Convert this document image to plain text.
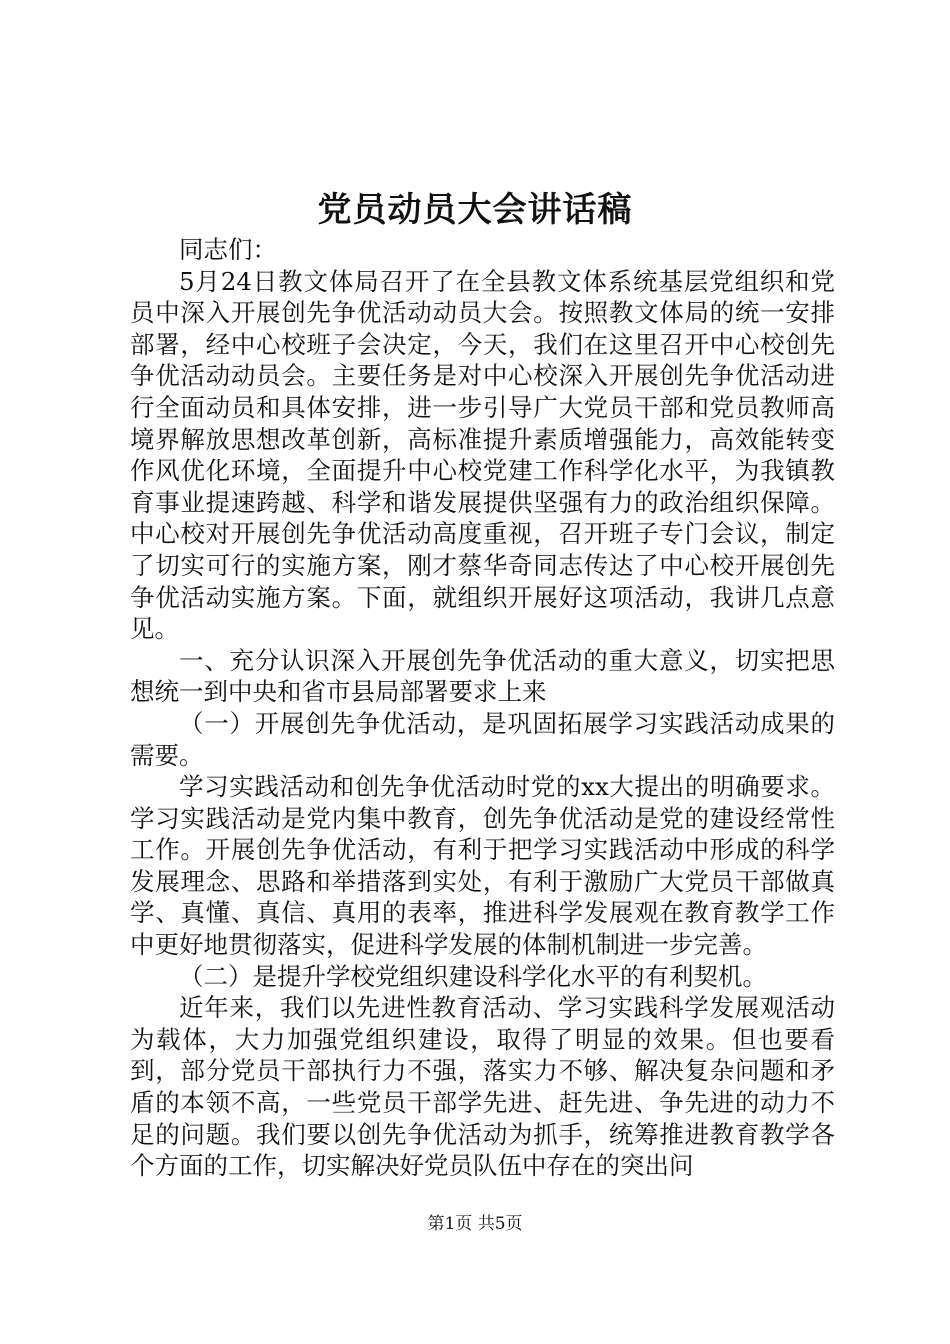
党员动员大会讲话稿

同志们：

5月24日教文体局召开了在全县教文体系统基层党组织和党员中深入开展创先争优活动动员大会。按照教文体局的统一安排部署，经中心校班子会决定，今天，我们在这里召开中心校创先争优活动动员会。主要任务是对中心校深入开展创先争优活动进行全面动员和具体安排，进一步引导广大党员干部和党员教师高境界解放思想改革创新，高标准提升素质增强能力，高效能转变作风优化环境，全面提升中心校党建工作科学化水平，为我镇教育事业提速跨越、科学和谐发展提供坚强有力的政治组织保障。中心校对开展创先争优活动高度重视，召开班子专门会议，制定了切实可行的实施方案，刚才蔡华奇同志传达了中心校开展创先争优活动实施方案。下面，就组织开展好这项活动，我讲几点意见。

一、充分认识深入开展创先争优活动的重大意义，切实把思想统一到中央和省市县局部署要求上来

（一）开展创先争优活动，是巩固拓展学习实践活动成果的需要。

学习实践活动和创先争优活动时党的xx大提出的明确要求。学习实践活动是党内集中教育，创先争优活动是党的建设经常性工作。开展创先争优活动，有利于把学习实践活动中形成的科学发展理念、思路和举措落到实处，有利于激励广大党员干部做真学、真懂、真信、真用的表率，推进科学发展观在教育教学工作中更好地贯彻落实，促进科学发展的体制机制进一步完善。

（二）是提升学校党组织建设科学化水平的有利契机。

近年来，我们以先进性教育活动、学习实践科学发展观活动为载体，大力加强党组织建设，取得了明显的效果。但也要看到，部分党员干部执行力不强，落实力不够、解决复杂问题和矛盾的本领不高，一些党员干部学先进、赶先进、争先进的动力不足的问题。我们要以创先争优活动为抓手，统筹推进教育教学各个方面的工作，切实解决好党员队伍中存在的突出问

第1页 共5页
